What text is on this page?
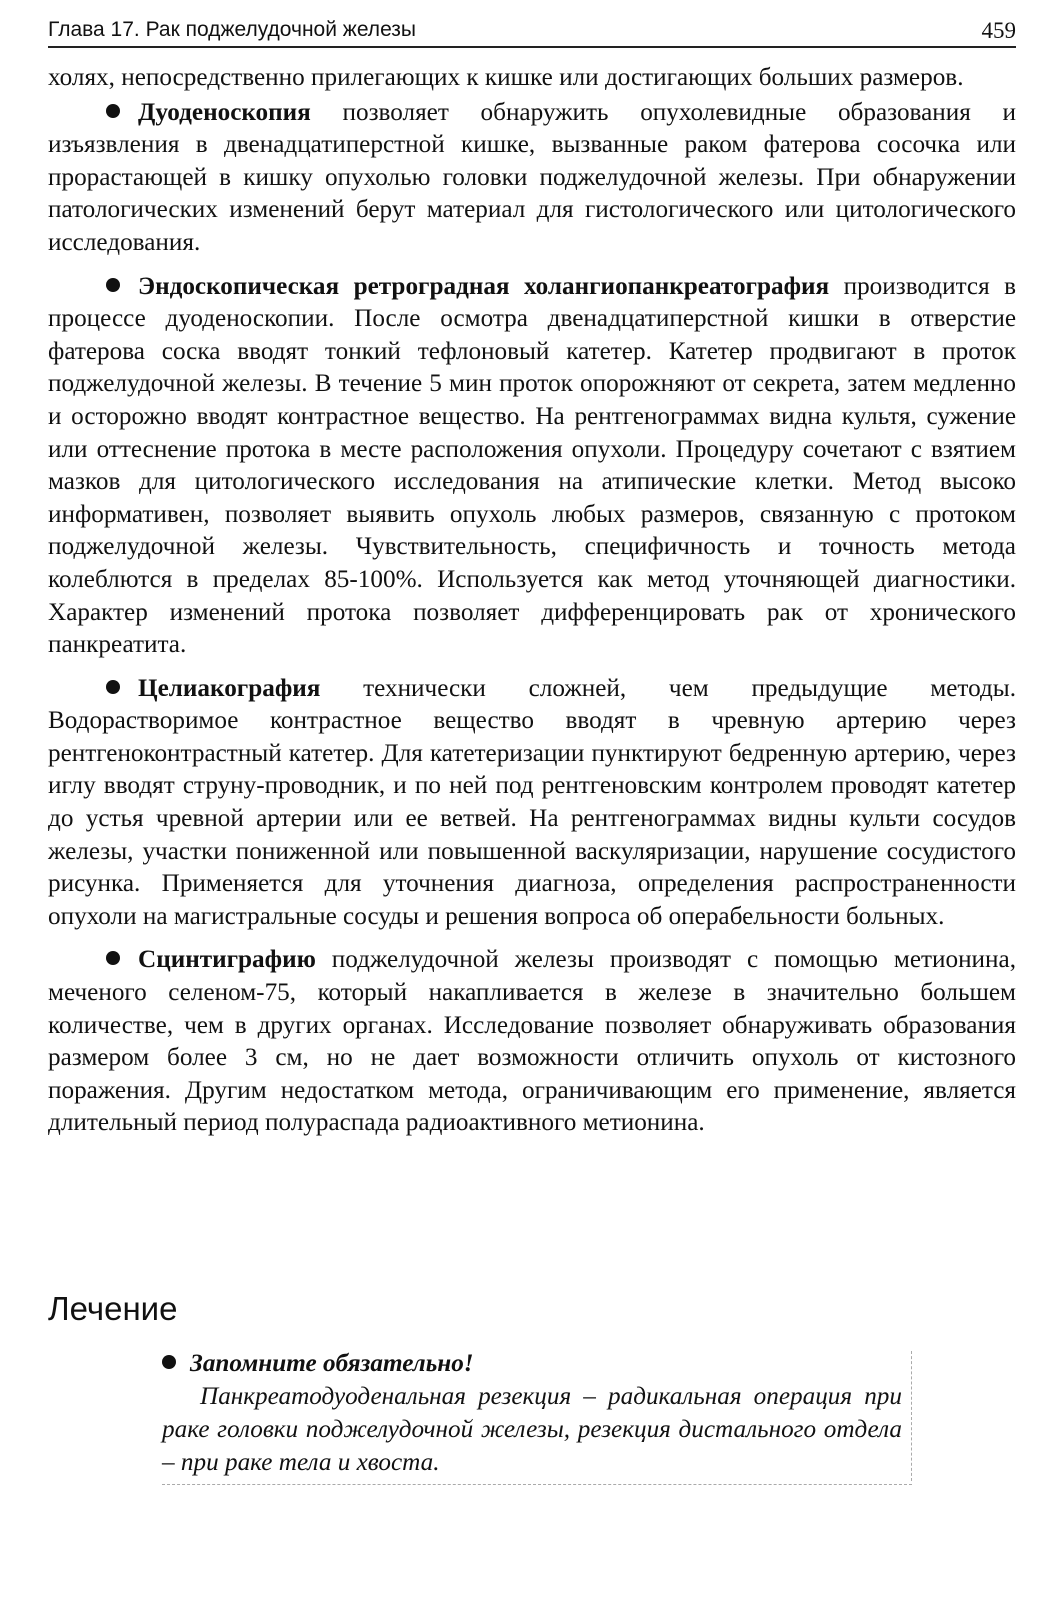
Глава 17. Рак поджелудочной железы	459

холях, непосредственно прилегающих к кишке или достигающих больших размеров.

Дуоденоскопия позволяет обнаружить опухолевидные образования и изъязвления в двенадцатиперстной кишке, вызванные раком фатерова сосочка или прорастающей в кишку опухолью головки поджелудочной железы. При обнаружении патологических изменений берут материал для гистологического или цитологического исследования.

Эндоскопическая ретроградная холангиопанкреатография производится в процессе дуоденоскопии. После осмотра двенадцатиперстной кишки в отверстие фатерова соска вводят тонкий тефлоновый катетер. Катетер продвигают в проток поджелудочной железы. В течение 5 мин проток опорожняют от секрета, затем медленно и осторожно вводят контрастное вещество. На рентгенограммах видна культя, сужение или оттеснение протока в месте расположения опухоли. Процедуру сочетают с взятием мазков для цитологического исследования на атипические клетки. Метод высоко информативен, позволяет выявить опухоль любых размеров, связанную с протоком поджелудочной железы. Чувствительность, специфичность и точность метода колеблются в пределах 85-100%. Используется как метод уточняющей диагностики. Характер изменений протока позволяет дифференцировать рак от хронического панкреатита.

Целиакография технически сложней, чем предыдущие методы. Водорастворимое контрастное вещество вводят в чревную артерию через рентгеноконтрастный катетер. Для катетеризации пунктируют бедренную артерию, через иглу вводят струну-проводник, и по ней под рентгеновским контролем проводят катетер до устья чревной артерии или ее ветвей. На рентгенограммах видны культи сосудов железы, участки пониженной или повышенной васкуляризации, нарушение сосудистого рисунка. Применяется для уточнения диагноза, определения распространенности опухоли на магистральные сосуды и решения вопроса об операбельности больных.

Сцинтиграфию поджелудочной железы производят с помощью метионина, меченого селеном-75, который накапливается в железе в значительно большем количестве, чем в других органах. Исследование позволяет обнаруживать образования размером более 3 см, но не дает возможности отличить опухоль от кистозного поражения. Другим недостатком метода, ограничивающим его применение, является длительный период полураспада радиоактивного метионина.

Лечение
Запомните обязательно!
Панкреатодуоденальная резекция – радикальная операция при раке головки поджелудочной железы, резекция дистального отдела – при раке тела и хвоста.
